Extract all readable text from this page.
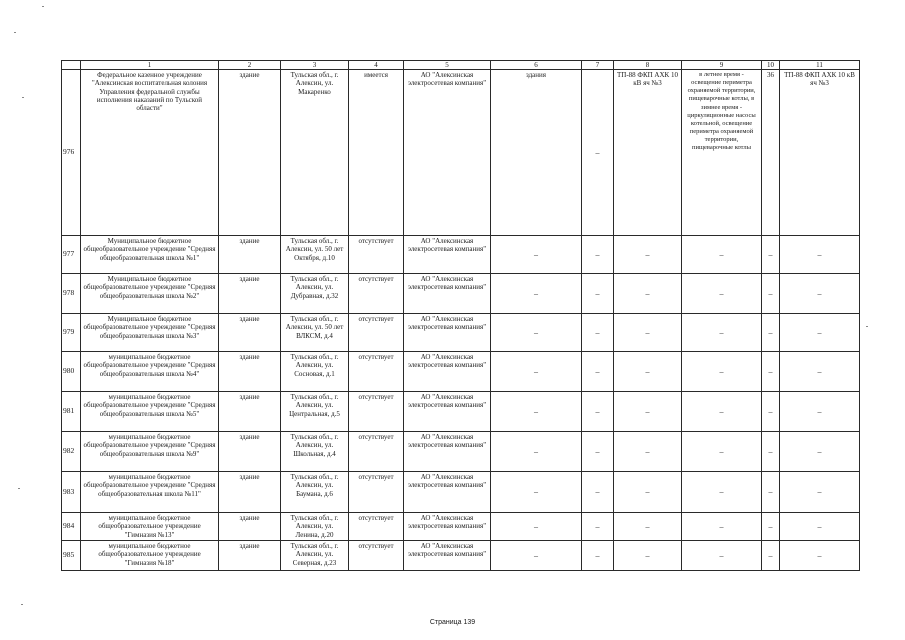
	1	2	3	4	5	6	7	8	9	10	11
976	Федеральное казенное учреждение "Алексинская воспитательная колония Управления федеральной службы исполнения наказаний по Тульской области"	здание	Тульская обл., г. Алексин, ул. Макаренко	имеется	АО "Алексинская электросетевая компания"	здания	–	ТП-88 ФКП АХК 10 кВ яч №3	в летнее время - освещение периметра охраняемой территории, пищеварочные котлы, в зимнее время - циркуляционные насосы котельной, освещение периметра охраняемой территории, пищеварочные котлы	36	ТП-88 ФКП АХК 10 кВ яч №3
977	Муниципальное бюджетное общеобразовательное учреждение "Средняя общеобразовательная школа №1"	здание	Тульская обл., г. Алексин, ул. 50 лет Октября, д.10	отсутствует	АО "Алексинская электросетевая компания"	–	–	–	–	–	–
978	Муниципальное бюджетное общеобразовательное учреждение "Средняя общеобразовательная школа №2"	здание	Тульская обл., г. Алексин, ул. Дубравная, д.32	отсутствует	АО "Алексинская электросетевая компания"	–	–	–	–	–	–
979	Муниципальное бюджетное общеобразовательное учреждение "Средняя общеобразовательная школа №3"	здание	Тульская обл., г. Алексин, ул. 50 лет ВЛКСМ, д.4	отсутствует	АО "Алексинская электросетевая компания"	–	–	–	–	–	–
980	муниципальное бюджетное общеобразовательное учреждение "Средняя общеобразовательная школа №4"	здание	Тульская обл., г. Алексин, ул. Сосновая, д.1	отсутствует	АО "Алексинская электросетевая компания"	–	–	–	–	–	–
981	муниципальное бюджетное общеобразовательное учреждение "Средняя общеобразовательная школа №5"	здание	Тульская обл., г. Алексин, ул. Центральная, д.5	отсутствует	АО "Алексинская электросетевая компания"	–	–	–	–	–	–
982	муниципальное бюджетное общеобразовательное учреждение "Средняя общеобразовательная школа №9"	здание	Тульская обл., г. Алексин, ул. Школьная, д.4	отсутствует	АО "Алексинская электросетевая компания"	–	–	–	–	–	–
983	муниципальное бюджетное общеобразовательное учреждение "Средняя общеобразовательная школа №11"	здание	Тульская обл., г. Алексин, ул. Баумана, д.6	отсутствует	АО "Алексинская электросетевая компания"	–	–	–	–	–	–
984	муниципальное бюджетное общеобразовательное учреждение "Гимназия №13"	здание	Тульская обл., г. Алексин, ул. Ленина, д.20	отсутствует	АО "Алексинская электросетевая компания"	–	–	–	–	–	–
985	муниципальное бюджетное общеобразовательное учреждение "Гимназия №18"	здание	Тульская обл., г. Алексин, ул. Северная, д.23	отсутствует	АО "Алексинская электросетевая компания"	–	–	–	–	–	–
Страница 139
